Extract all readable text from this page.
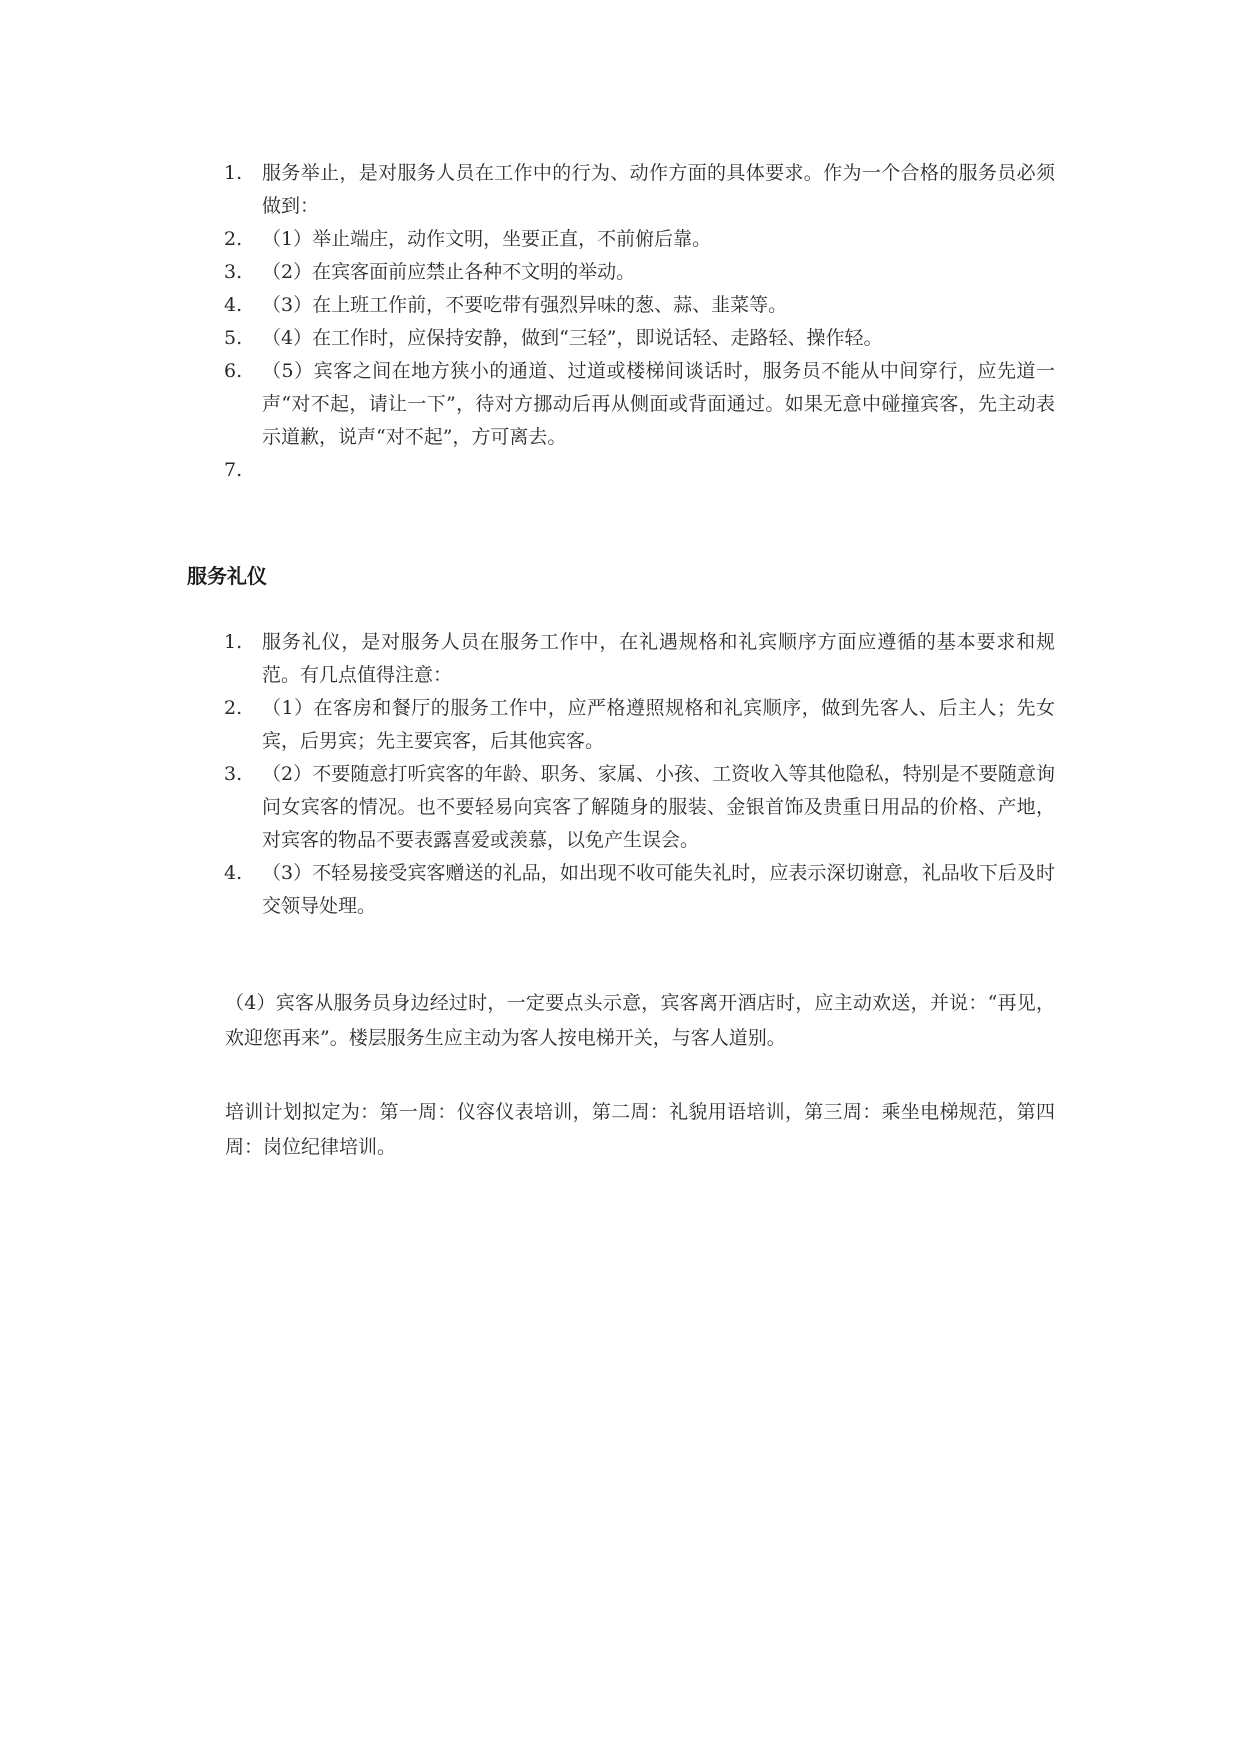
1.	服务举止，是对服务人员在工作中的行为、动作方面的具体要求。作为一个合格的服务员必须做到：
2.	（1）举止端庄，动作文明，坐要正直，不前俯后靠。
3.	（2）在宾客面前应禁止各种不文明的举动。
4.	（3）在上班工作前，不要吃带有强烈异味的葱、蒜、韭菜等。
5.	（4）在工作时，应保持安静，做到“三轻”，即说话轻、走路轻、操作轻。
6.	（5）宾客之间在地方狭小的通道、过道或楼梯间谈话时，服务员不能从中间穿行，应先道一声“对不起，请让一下”，待对方挪动后再从侧面或背面通过。如果无意中碰撞宾客，先主动表示道歉，说声“对不起”，方可离去。
7.
服务礼仪
1.	服务礼仪，是对服务人员在服务工作中，在礼遇规格和礼宾顺序方面应遵循的基本要求和规范。有几点值得注意：
2.	（1）在客房和餐厅的服务工作中，应严格遵照规格和礼宾顺序，做到先客人、后主人；先女宾，后男宾；先主要宾客，后其他宾客。
3.	（2）不要随意打听宾客的年龄、职务、家属、小孩、工资收入等其他隐私，特别是不要随意询问女宾客的情况。也不要轻易向宾客了解随身的服装、金银首饰及贵重日用品的价格、产地，对宾客的物品不要表露喜爱或羡慕，以免产生误会。
4.	（3）不轻易接受宾客赠送的礼品，如出现不收可能失礼时，应表示深切谢意，礼品收下后及时交领导处理。
（4）宾客从服务员身边经过时，一定要点头示意，宾客离开酒店时，应主动欢送，并说：“再见，欢迎您再来”。楼层服务生应主动为客人按电梯开关，与客人道别。
培训计划拟定为：第一周：仪容仪表培训，第二周：礼貌用语培训，第三周：乘坐电梯规范，第四周：岗位纪律培训。
